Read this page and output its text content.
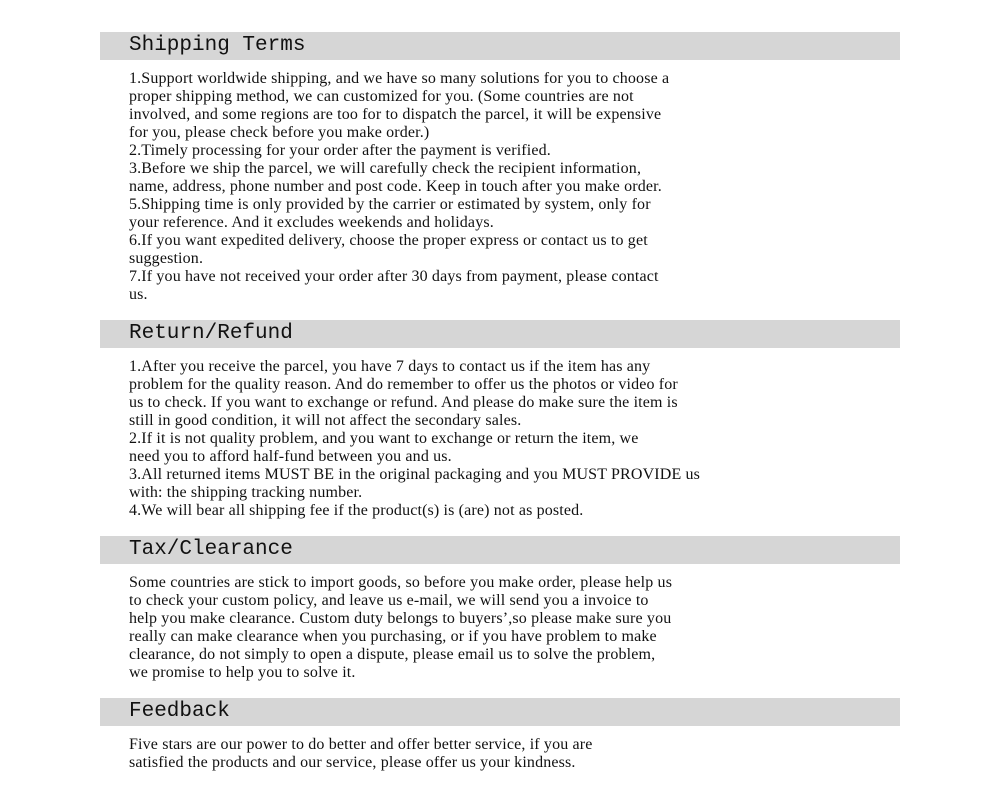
Shipping Terms
1.Support worldwide shipping, and we have so many solutions for you to choose a
proper shipping method, we can customized for you. (Some countries are not
involved, and some regions are too for to dispatch the parcel, it will be expensive
for you, please check before you make order.)
2.Timely processing for your order after the payment is verified.
3.Before we ship the parcel, we will carefully check the recipient information,
name, address, phone number and post code. Keep in touch after you make order.
5.Shipping time is only provided by the carrier or estimated by system, only for
your reference. And it excludes weekends and holidays.
6.If you want expedited delivery, choose the proper express or contact us to get
suggestion.
7.If you have not received your order after 30 days from payment, please contact
us.
Return/Refund
1.After you receive the parcel, you have 7 days to contact us if the item has any
problem for the quality reason. And do remember to offer us the photos or video for
us to check. If you want to exchange or refund. And please do make sure the item is
still in good condition, it will not affect the secondary sales.
2.If it is not quality problem, and you want to exchange or return the item, we
need you to afford half-fund between you and us.
3.All returned items MUST BE in the original packaging and you MUST PROVIDE us
with: the shipping tracking number.
4.We will bear all shipping fee if the product(s) is (are) not as posted.
Tax/Clearance
Some countries are stick to import goods, so before you make order, please help us
to check your custom policy, and leave us e-mail, we will send you a invoice to
help you make clearance. Custom duty belongs to buyers’,so please make sure you
really can make clearance when you purchasing, or if you have problem to make
clearance, do not simply to open a dispute, please email us to solve the problem,
we promise to help you to solve it.
Feedback
Five stars are our power to do better and offer better service, if you are
satisfied the products and our service, please offer us your kindness.
